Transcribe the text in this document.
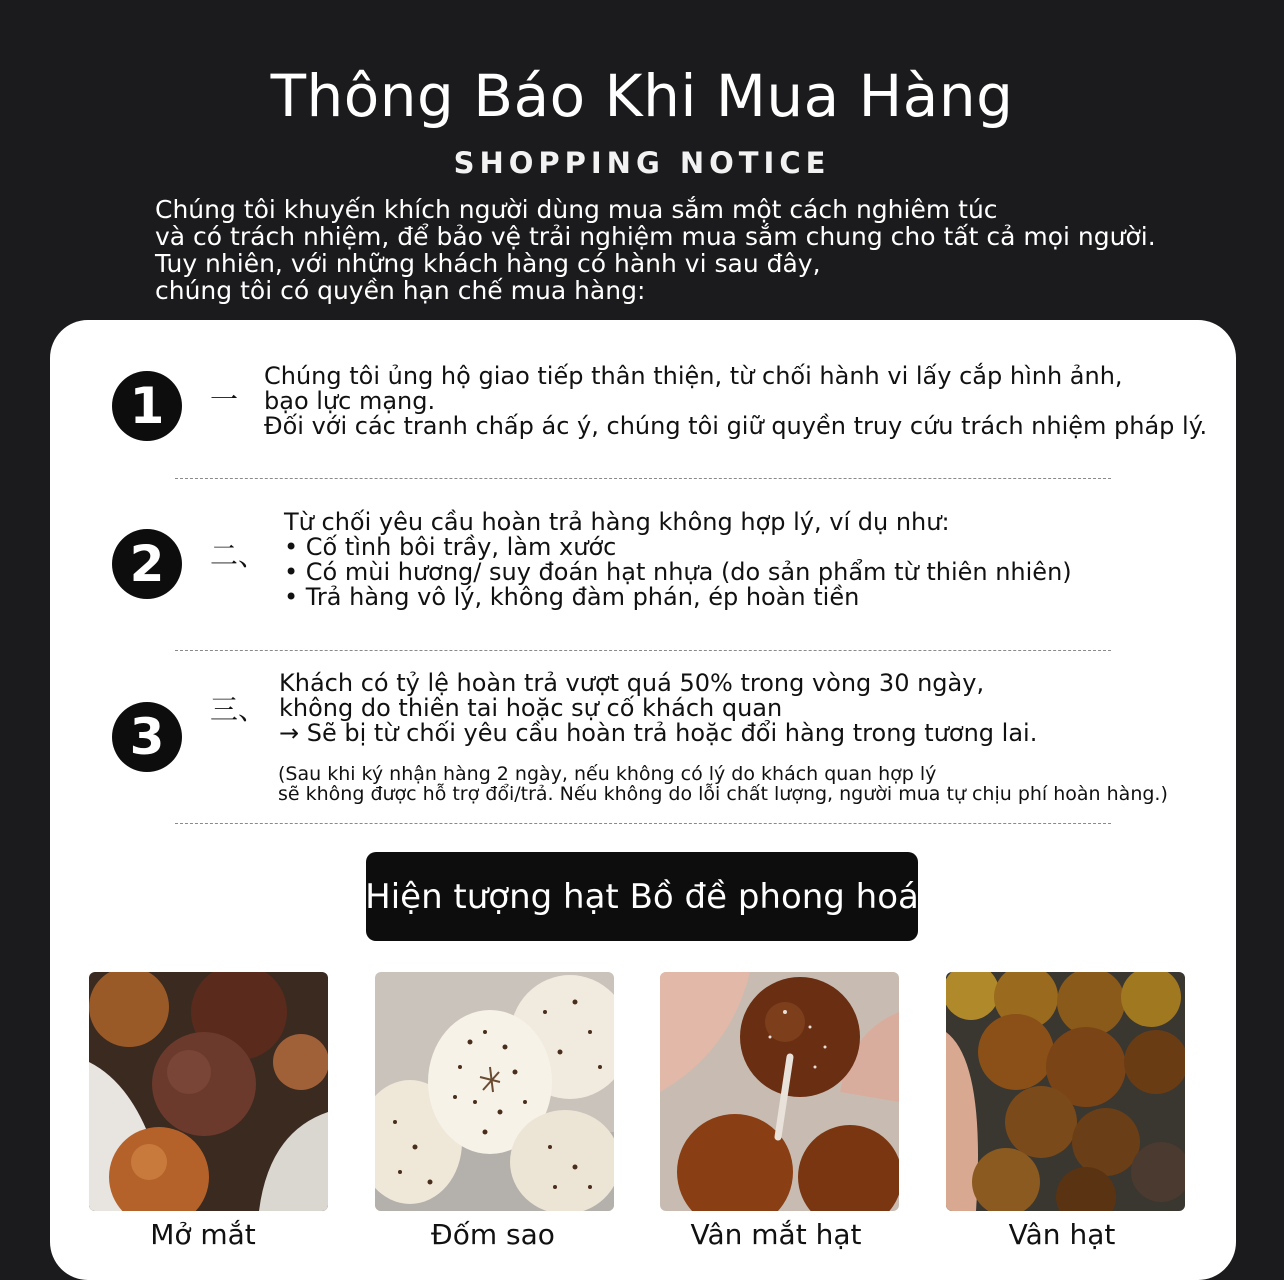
Thông Báo Khi Mua Hàng
SHOPPING NOTICE
Chúng tôi khuyến khích người dùng mua sắm một cách nghiêm túc
và có trách nhiệm, để bảo vệ trải nghiệm mua sắm chung cho tất cả mọi người.
Tuy nhiên, với những khách hàng có hành vi sau đây,
chúng tôi có quyền hạn chế mua hàng:
1	一
Chúng tôi ủng hộ giao tiếp thân thiện, từ chối hành vi lấy cắp hình ảnh,
bạo lực mạng.
Đối với các tranh chấp ác ý, chúng tôi giữ quyền truy cứu trách nhiệm pháp lý.
2	二、
Từ chối yêu cầu hoàn trả hàng không hợp lý, ví dụ như:
• Cố tình bôi trầy, làm xước
• Có mùi hương/ suy đoán hạt nhựa (do sản phẩm từ thiên nhiên)
• Trả hàng vô lý, không đàm phán, ép hoàn tiền
3	三、
Khách có tỷ lệ hoàn trả vượt quá 50% trong vòng 30 ngày,
không do thiên tai hoặc sự cố khách quan
→ Sẽ bị từ chối yêu cầu hoàn trả hoặc đổi hàng trong tương lai.
(Sau khi ký nhận hàng 2 ngày, nếu không có lý do khách quan hợp lý
sẽ không được hỗ trợ đổi/trả. Nếu không do lỗi chất lượng, người mua tự chịu phí hoàn hàng.)
Hiện tượng hạt Bồ đề phong hoá
Mở mắt	Đốm sao	Vân mắt hạt	Vân hạt
